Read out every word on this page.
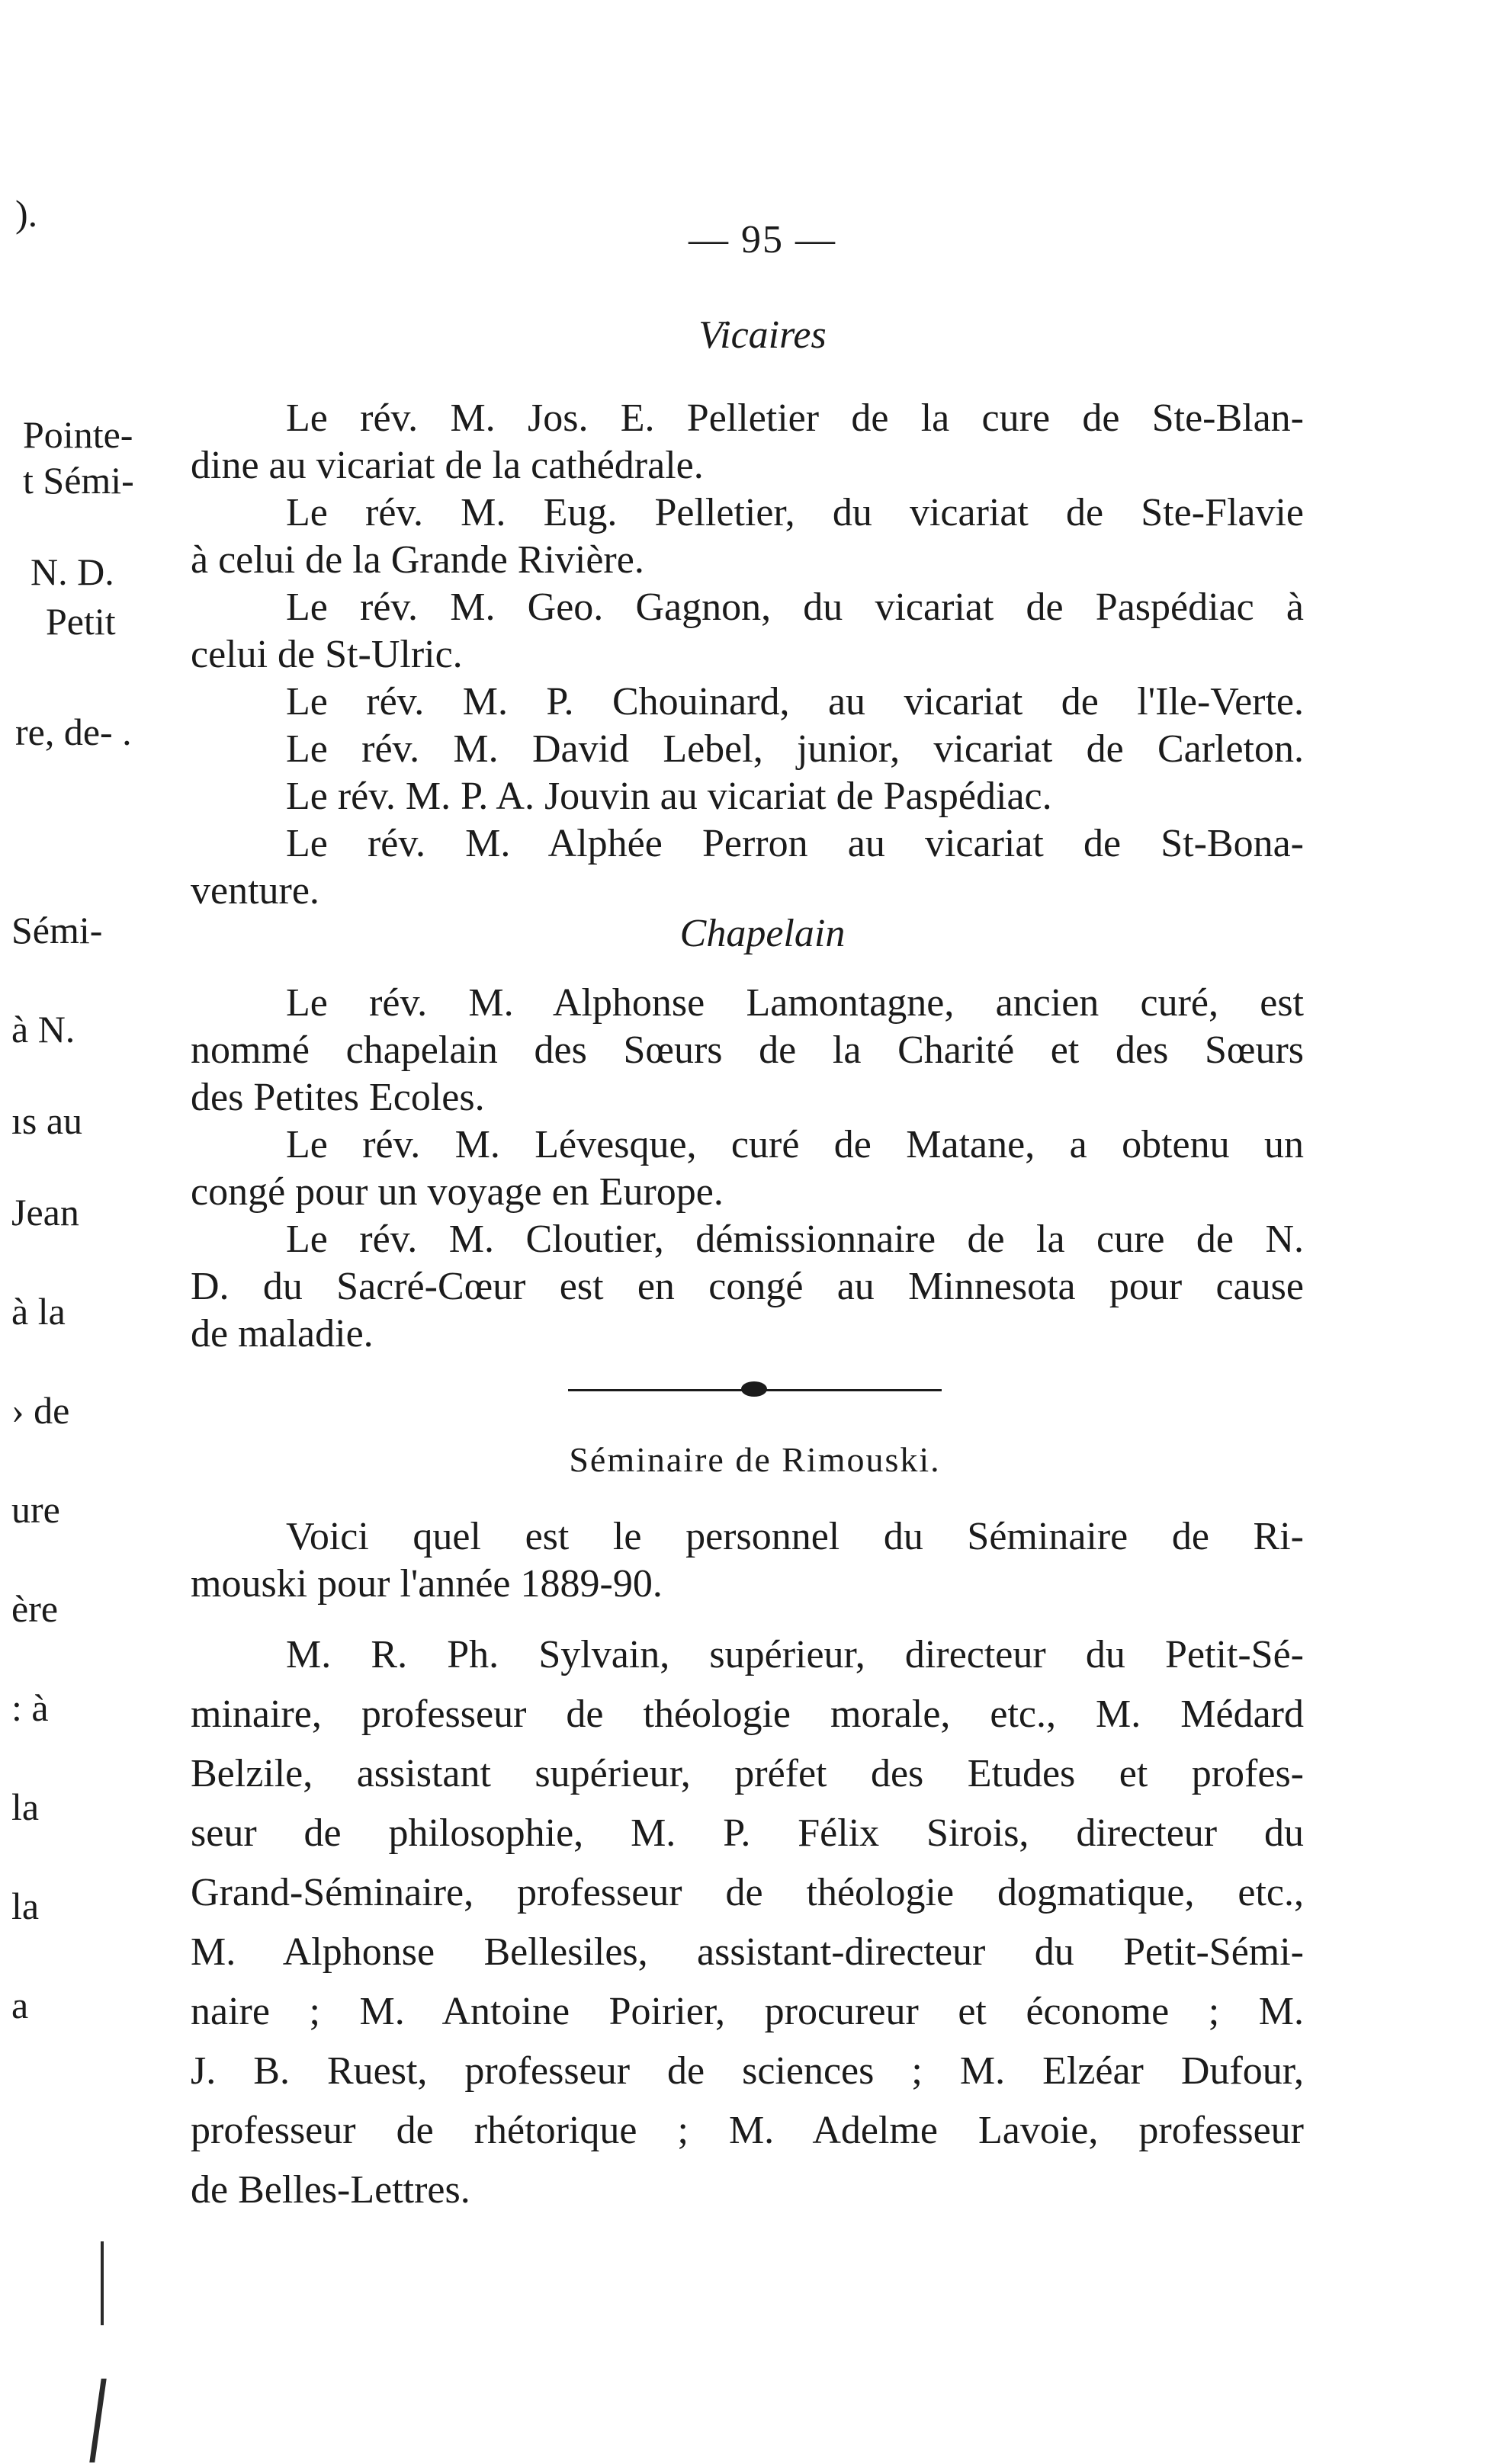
).
Pointe-
t Sémi-
N. D.
Petit
re, de- .
Sémi-
à N.
ıs au
Jean
à la
› de
ure
ère
: à
la
la
a
— 95 —
Vicaires
Le rév. M. Jos. E. Pelletier de la cure de Ste-Blan-
dine au vicariat de la cathédrale.
Le rév. M. Eug. Pelletier, du vicariat de Ste-Flavie
à celui de la Grande Rivière.
Le rév. M. Geo. Gagnon, du vicariat de Paspédiac à
celui de St-Ulric.
Le rév. M. P. Chouinard, au vicariat de l'Ile-Verte.
Le rév. M. David Lebel, junior, vicariat de Carleton.
Le rév. M. P. A. Jouvin au vicariat de Paspédiac.
Le rév. M. Alphée Perron au vicariat de St-Bona-
venture.
Chapelain
Le rév. M. Alphonse Lamontagne, ancien curé, est
nommé chapelain des Sœurs de la Charité et des Sœurs
des Petites Ecoles.
Le rév. M. Lévesque, curé de Matane, a obtenu un
congé pour un voyage en Europe.
Le rév. M. Cloutier, démissionnaire de la cure de N.
D. du Sacré-Cœur est en congé au Minnesota pour cause
de maladie.
Séminaire de Rimouski.
Voici quel est le personnel du Séminaire de Ri-
mouski pour l'année 1889-90.
M. R. Ph. Sylvain, supérieur, directeur du Petit-Sé-
minaire, professeur de théologie morale, etc., M. Médard
Belzile, assistant supérieur, préfet des Etudes et profes-
seur de philosophie, M. P. Félix Sirois, directeur du
Grand-Séminaire, professeur de théologie dogmatique, etc.,
M. Alphonse Bellesiles, assistant-directeur du Petit-Sémi-
naire ; M. Antoine Poirier, procureur et économe ; M.
J. B. Ruest, professeur de sciences ; M. Elzéar Dufour,
professeur de rhétorique ; M. Adelme Lavoie, professeur
de Belles-Lettres.
